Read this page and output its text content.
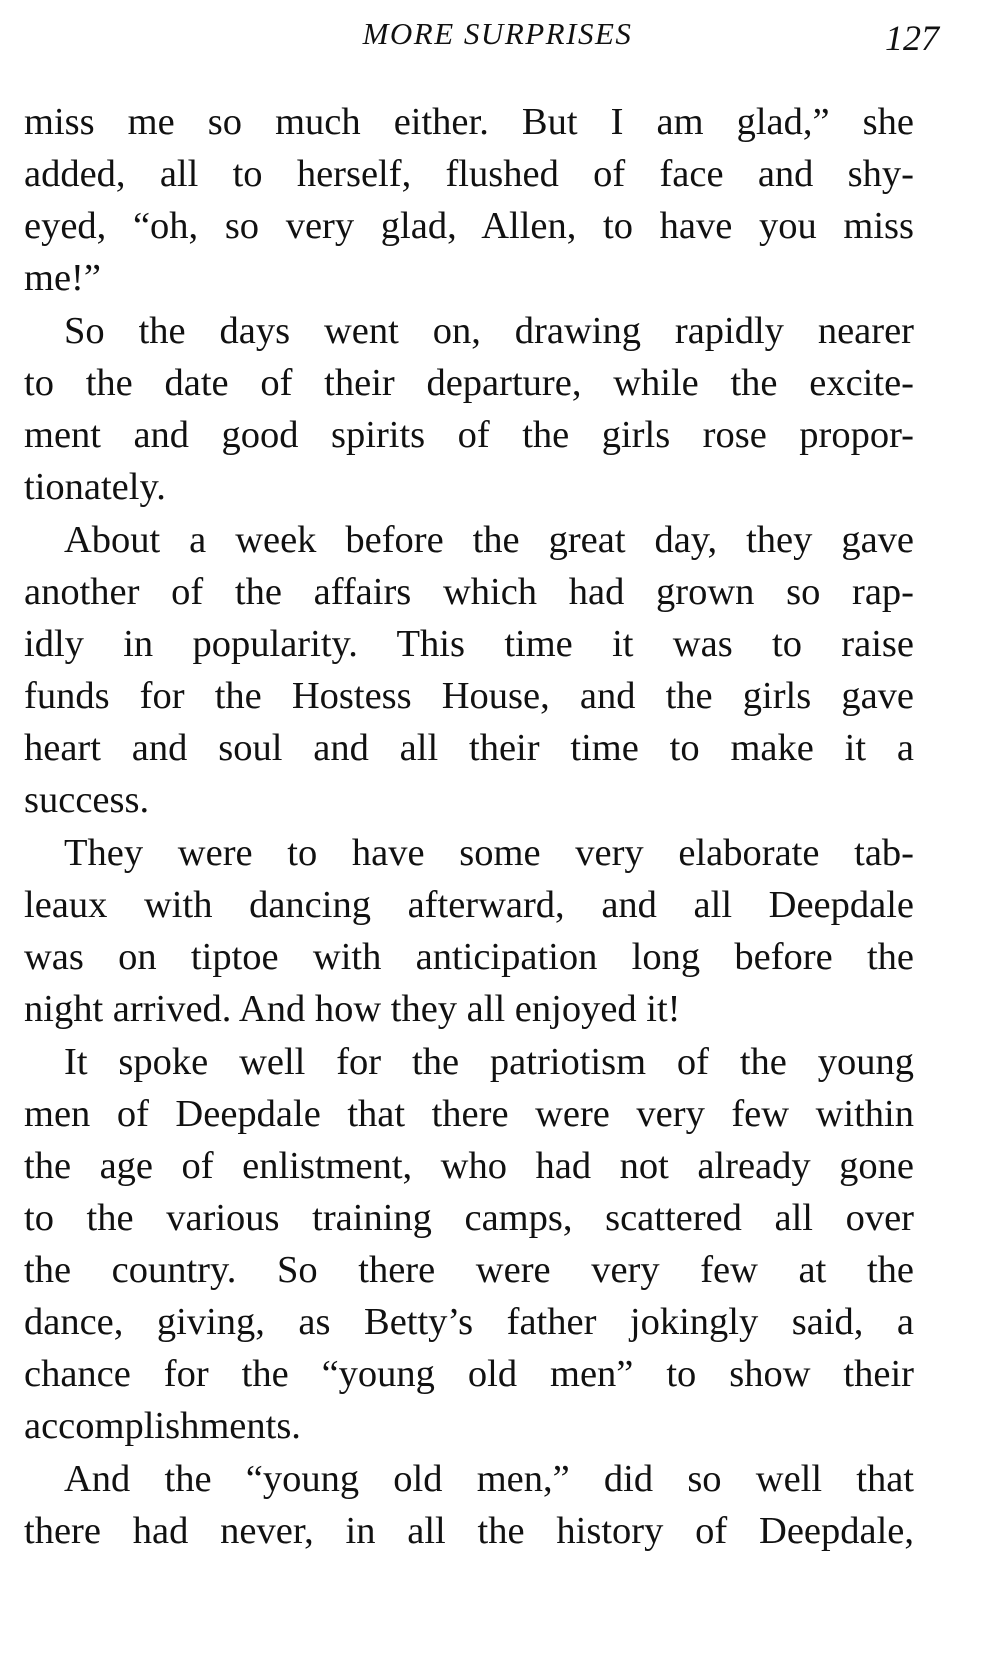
MORE SURPRISES	127
miss me so much either. But I am glad,” she
added, all to herself, flushed of face and shy-
eyed, “oh, so very glad, Allen, to have you miss
me!”
So the days went on, drawing rapidly nearer
to the date of their departure, while the excite-
ment and good spirits of the girls rose propor-
tionately.
About a week before the great day, they gave
another of the affairs which had grown so rap-
idly in popularity. This time it was to raise
funds for the Hostess House, and the girls gave
heart and soul and all their time to make it a
success.
They were to have some very elaborate tab-
leaux with dancing afterward, and all Deepdale
was on tiptoe with anticipation long before the
night arrived. And how they all enjoyed it!
It spoke well for the patriotism of the young
men of Deepdale that there were very few within
the age of enlistment, who had not already gone
to the various training camps, scattered all over
the country. So there were very few at the
dance, giving, as Betty’s father jokingly said, a
chance for the “young old men” to show their
accomplishments.
And the “young old men,” did so well that
there had never, in all the history of Deepdale,
